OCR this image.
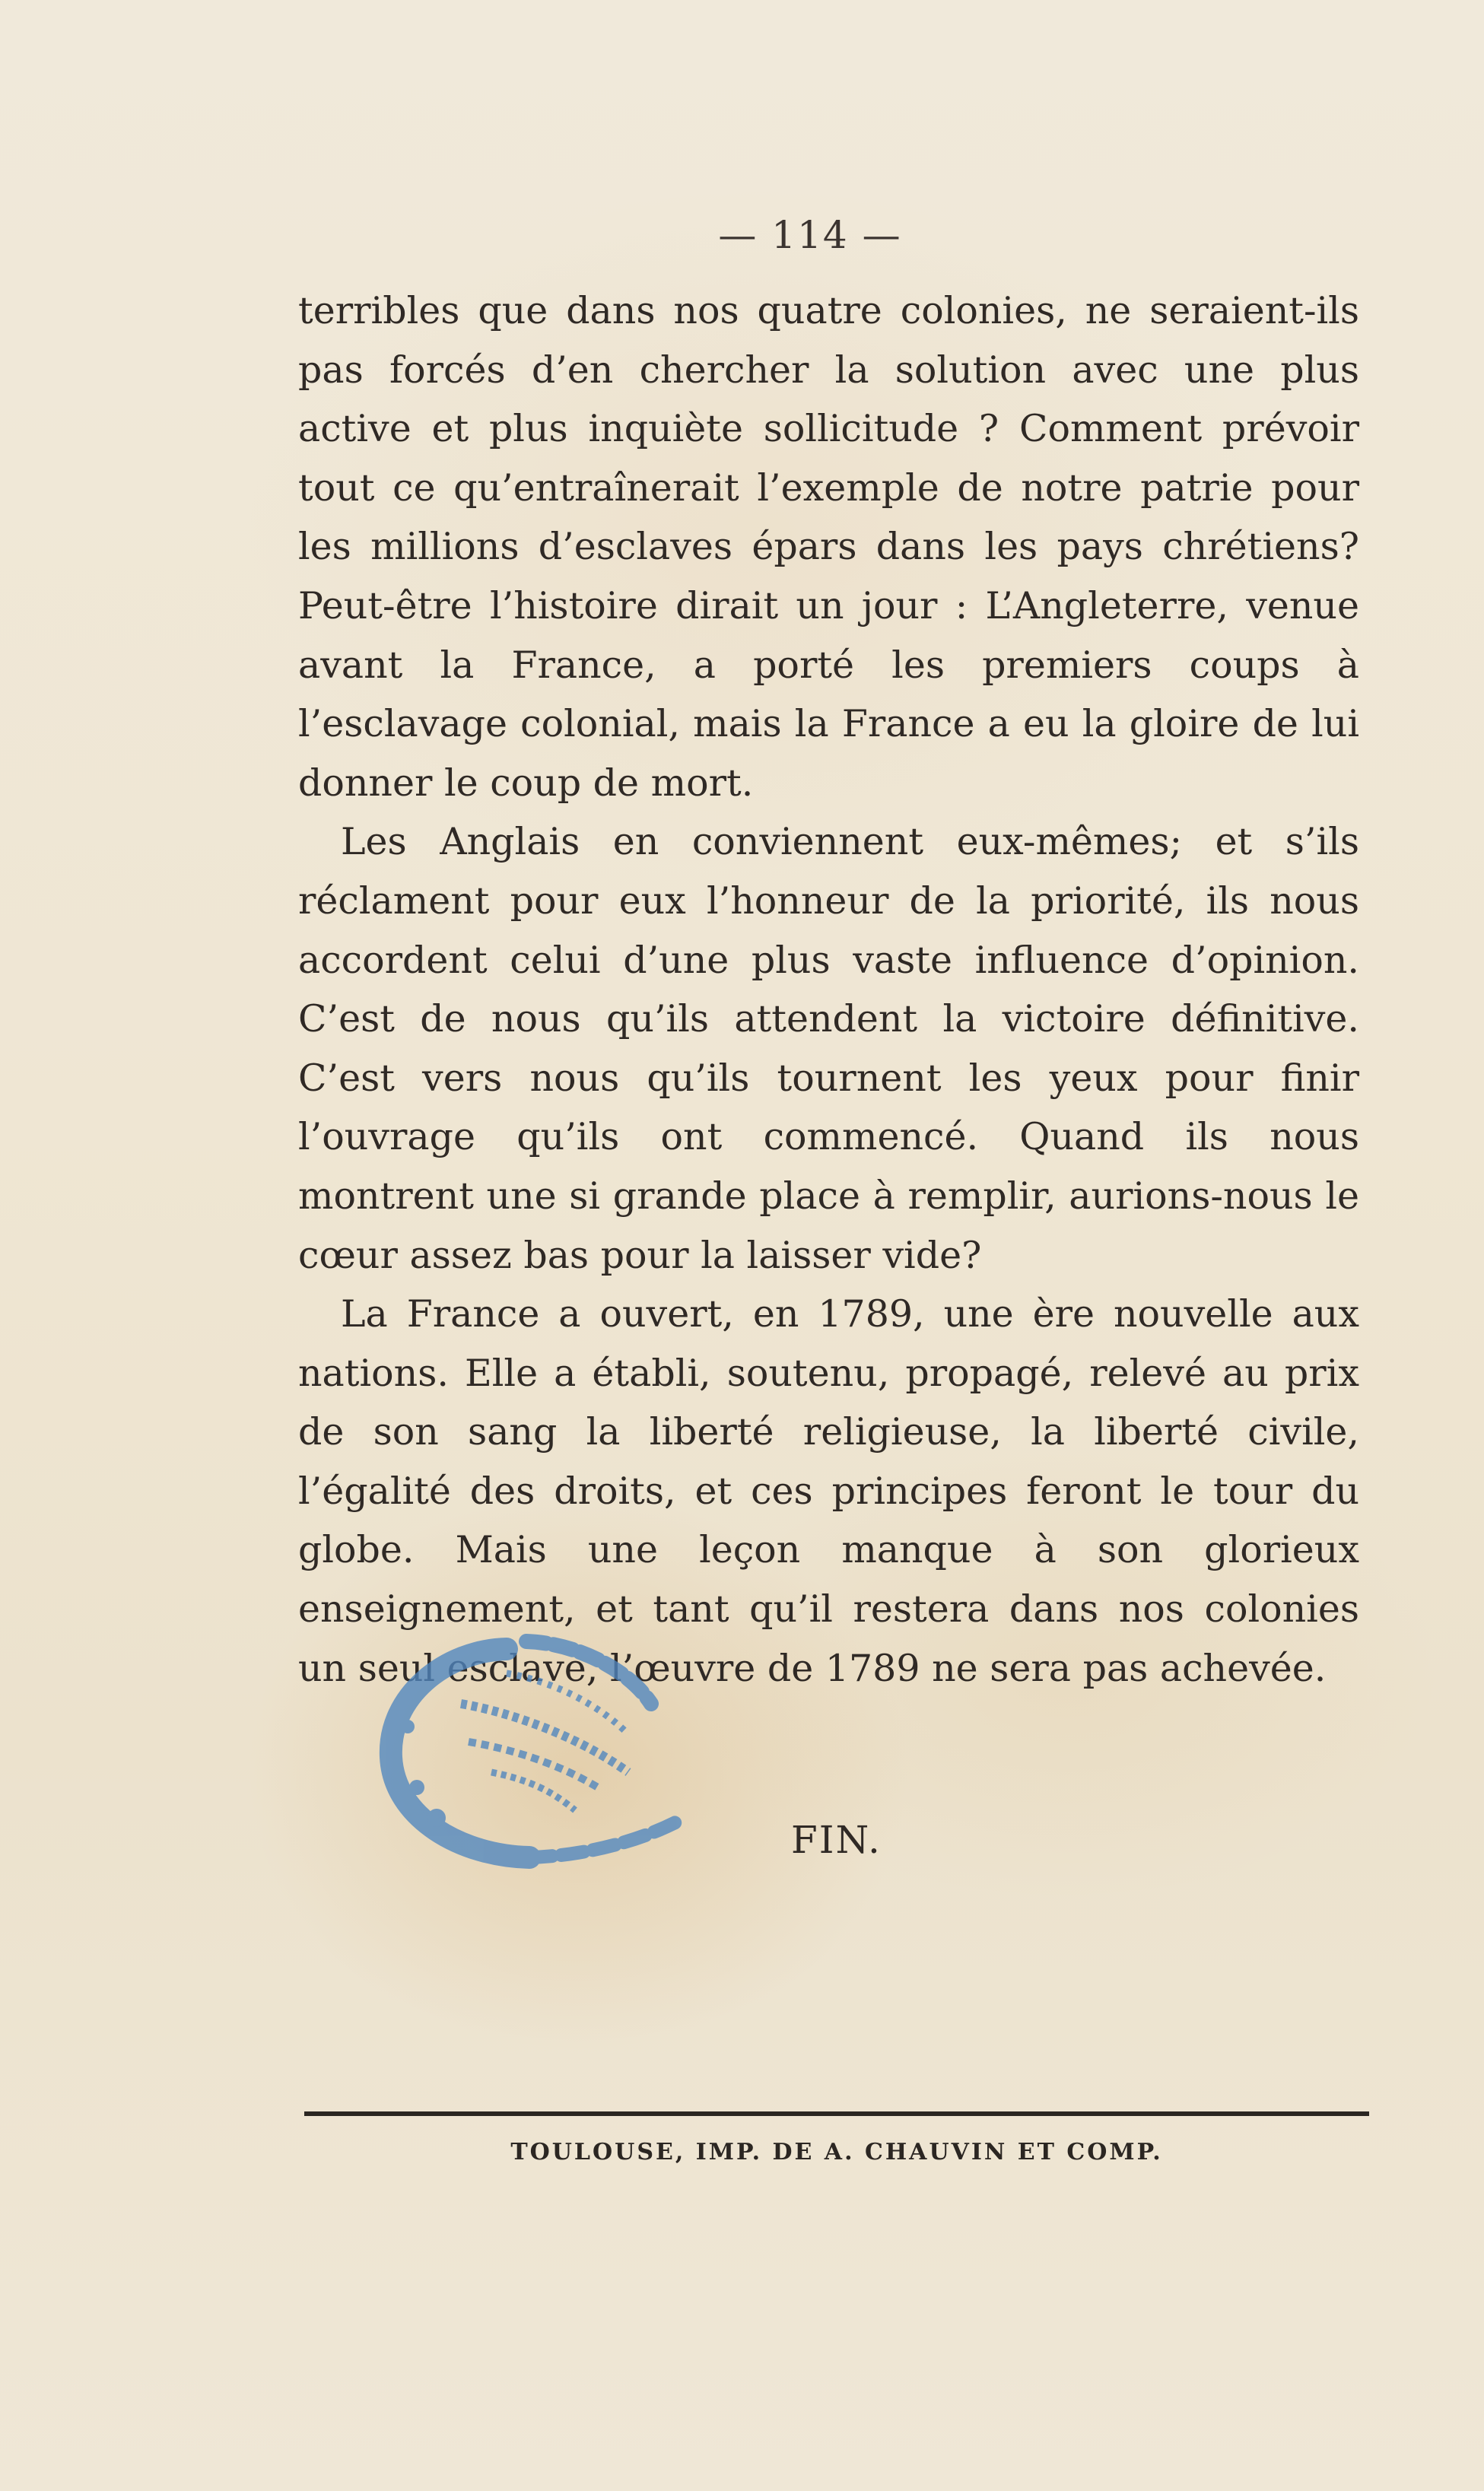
— 114 —

terribles que dans nos quatre colonies, ne seraient-ils pas forcés d’en chercher la solution avec une plus active et plus inquiète sollicitude ? Comment prévoir tout ce qu’entraînerait l’exemple de notre patrie pour les millions d’esclaves épars dans les pays chrétiens? Peut-être l’histoire dirait un jour : L’Angleterre, venue avant la France, a porté les premiers coups à l’esclavage colonial, mais la France a eu la gloire de lui donner le coup de mort.

Les Anglais en conviennent eux-mêmes; et s’ils réclament pour eux l’honneur de la priorité, ils nous accordent celui d’une plus vaste influence d’opinion. C’est de nous qu’ils attendent la victoire définitive. C’est vers nous qu’ils tournent les yeux pour finir l’ouvrage qu’ils ont commencé. Quand ils nous montrent une si grande place à remplir, aurions-nous le cœur assez bas pour la laisser vide?

La France a ouvert, en 1789, une ère nouvelle aux nations. Elle a établi, soutenu, propagé, relevé au prix de son sang la liberté religieuse, la liberté civile, l’égalité des droits, et ces principes feront le tour du globe. Mais une leçon manque à son glorieux enseignement, et tant qu’il restera dans nos colonies un seul esclave, l’œuvre de 1789 ne sera pas achevée.

FIN.
TOULOUSE, IMP. DE A. CHAUVIN ET COMP.
